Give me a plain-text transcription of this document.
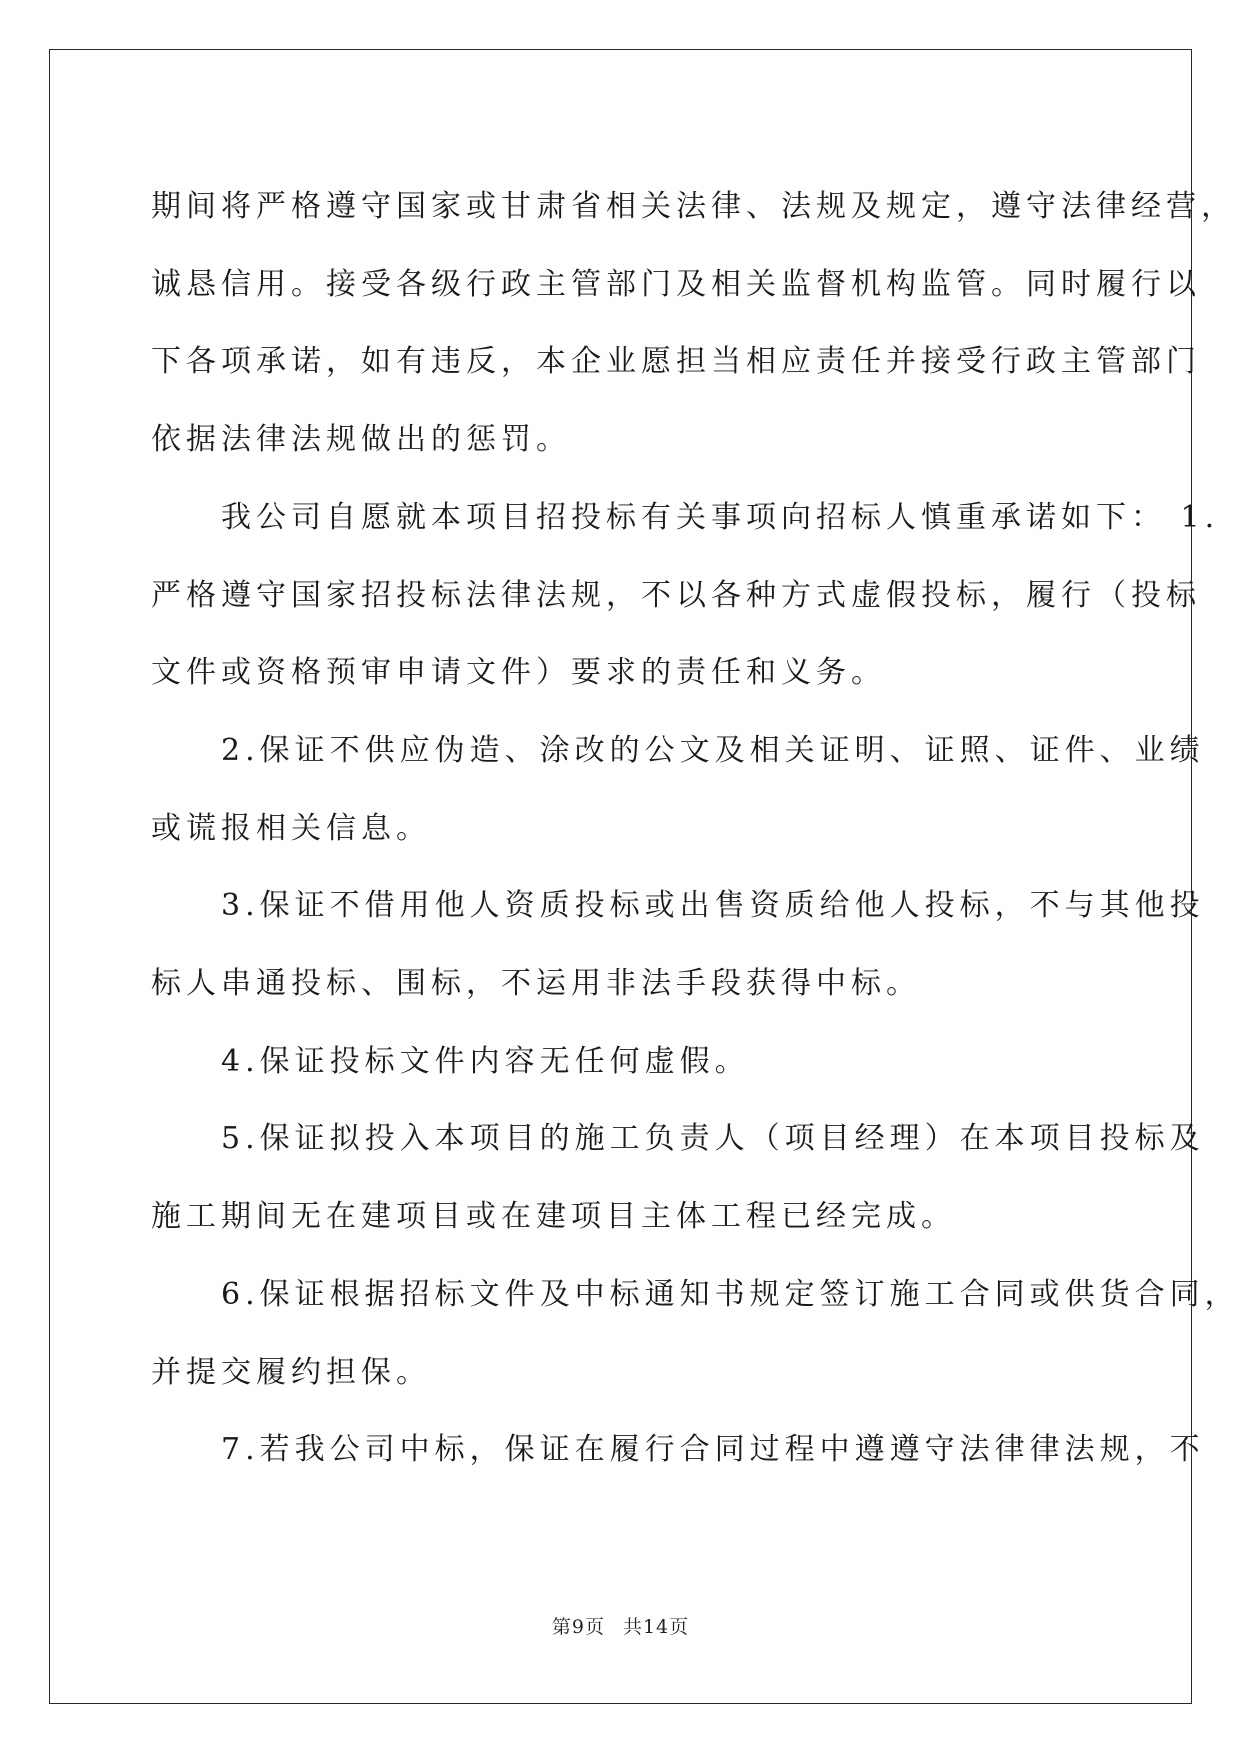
期间将严格遵守国家或甘肃省相关法律、法规及规定，遵守法律经营，
诚恳信用。接受各级行政主管部门及相关监督机构监管。同时履行以
下各项承诺，如有违反，本企业愿担当相应责任并接受行政主管部门
依据法律法规做出的惩罚。

　　我公司自愿就本项目招投标有关事项向招标人慎重承诺如下： 1.
严格遵守国家招投标法律法规，不以各种方式虚假投标，履行（投标
文件或资格预审申请文件）要求的责任和义务。

　　2.保证不供应伪造、涂改的公文及相关证明、证照、证件、业绩
或谎报相关信息。

　　3.保证不借用他人资质投标或出售资质给他人投标，不与其他投
标人串通投标、围标，不运用非法手段获得中标。

　　4.保证投标文件内容无任何虚假。

　　5.保证拟投入本项目的施工负责人（项目经理）在本项目投标及
施工期间无在建项目或在建项目主体工程已经完成。

　　6.保证根据招标文件及中标通知书规定签订施工合同或供货合同，
并提交履约担保。

　　7.若我公司中标，保证在履行合同过程中遵遵守法律律法规，不

第9页 共14页
